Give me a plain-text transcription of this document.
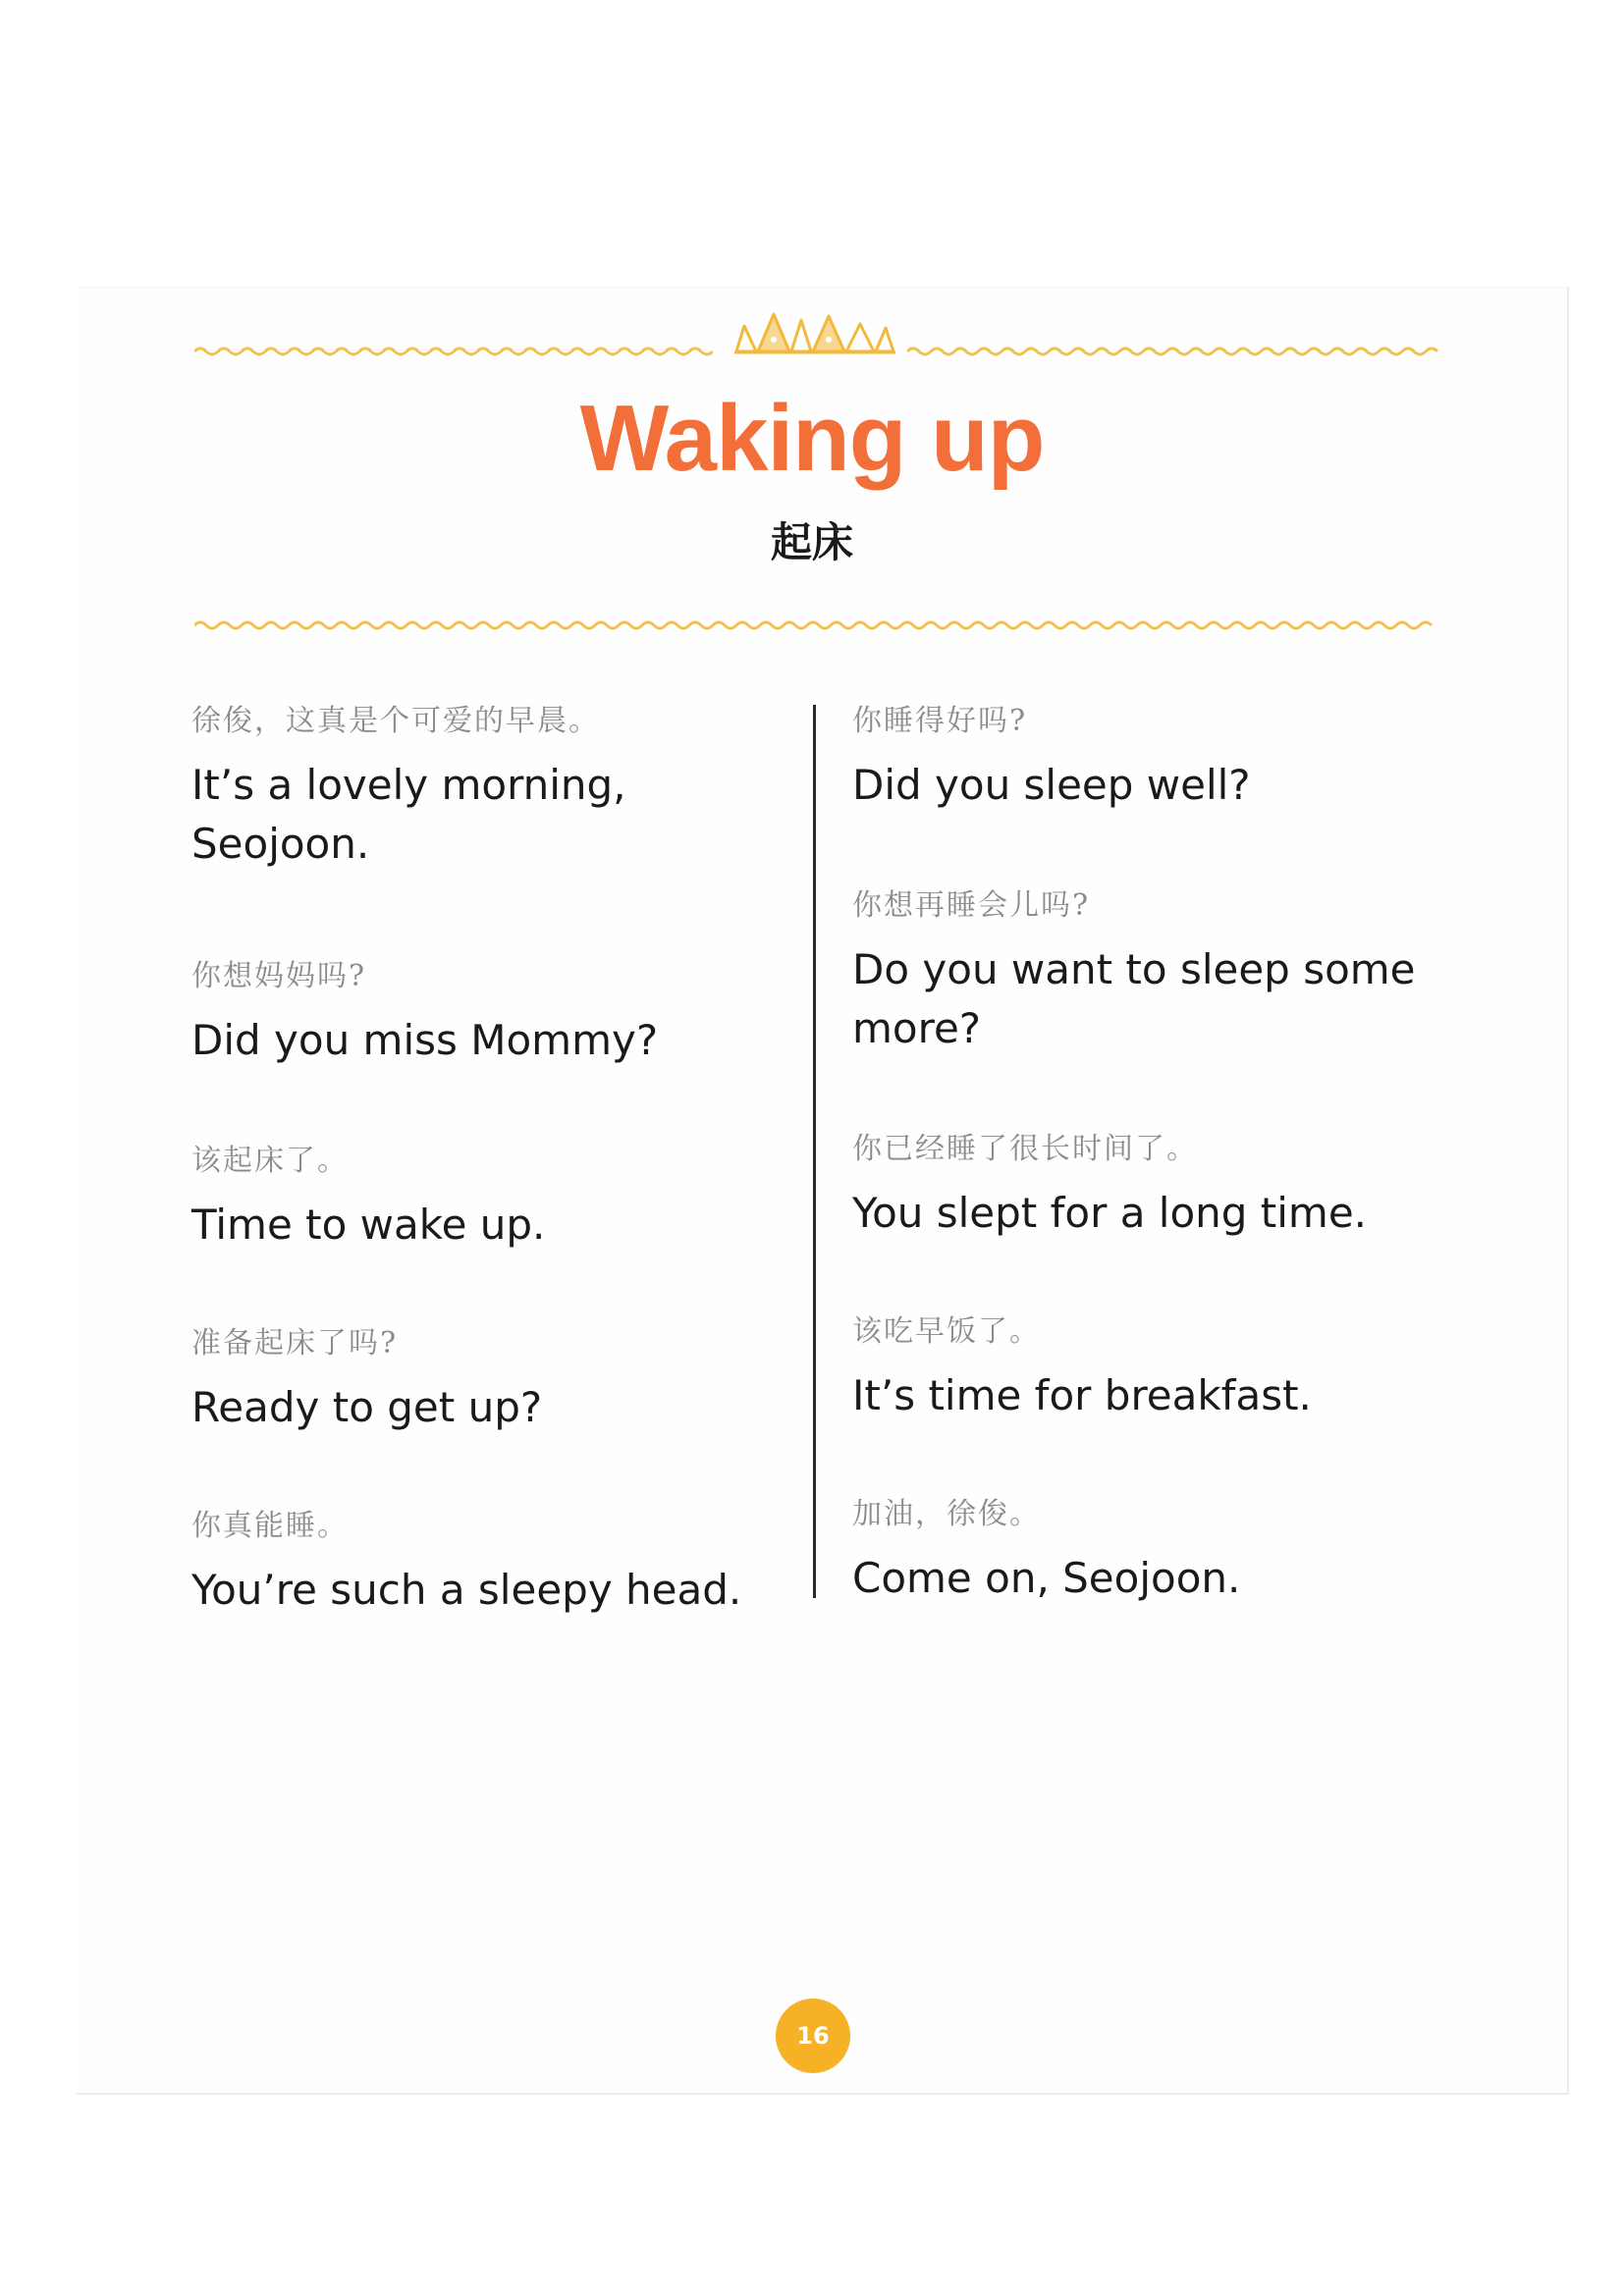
Waking up
起床
徐俊，这真是个可爱的早晨。
It’s a lovely morning, Seojoon.
你想妈妈吗?
Did you miss Mommy?
该起床了。
Time to wake up.
准备起床了吗?
Ready to get up?
你真能睡。
You’re such a sleepy head.
你睡得好吗?
Did you sleep well?
你想再睡会儿吗?
Do you want to sleep some more?
你已经睡了很长时间了。
You slept for a long time.
该吃早饭了。
It’s time for breakfast.
加油，徐俊。
Come on, Seojoon.
16
